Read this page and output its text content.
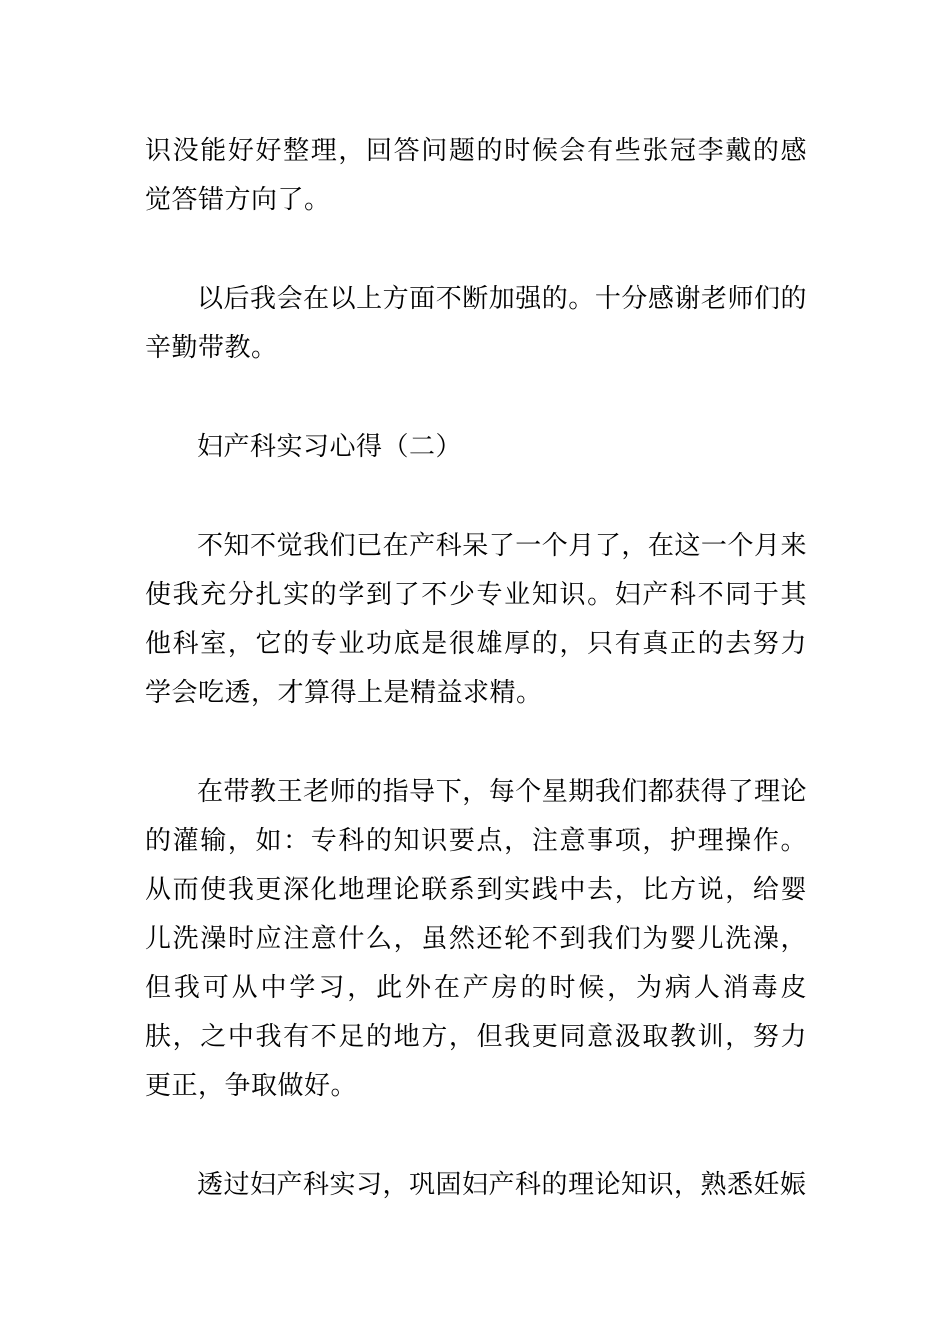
识没能好好整理，回答问题的时候会有些张冠李戴的感觉答错方向了。

以后我会在以上方面不断加强的。十分感谢老师们的辛勤带教。

妇产科实习心得（二）

不知不觉我们已在产科呆了一个月了，在这一个月来使我充分扎实的学到了不少专业知识。妇产科不同于其他科室，它的专业功底是很雄厚的，只有真正的去努力学会吃透，才算得上是精益求精。

在带教王老师的指导下，每个星期我们都获得了理论的灌输，如：专科的知识要点，注意事项，护理操作。从而使我更深化地理论联系到实践中去，比方说，给婴儿洗澡时应注意什么，虽然还轮不到我们为婴儿洗澡，但我可从中学习，此外在产房的时候，为病人消毒皮肤，之中我有不足的地方，但我更同意汲取教训，努力更正，争取做好。

透过妇产科实习，巩固妇产科的理论知识，熟悉妊娠
